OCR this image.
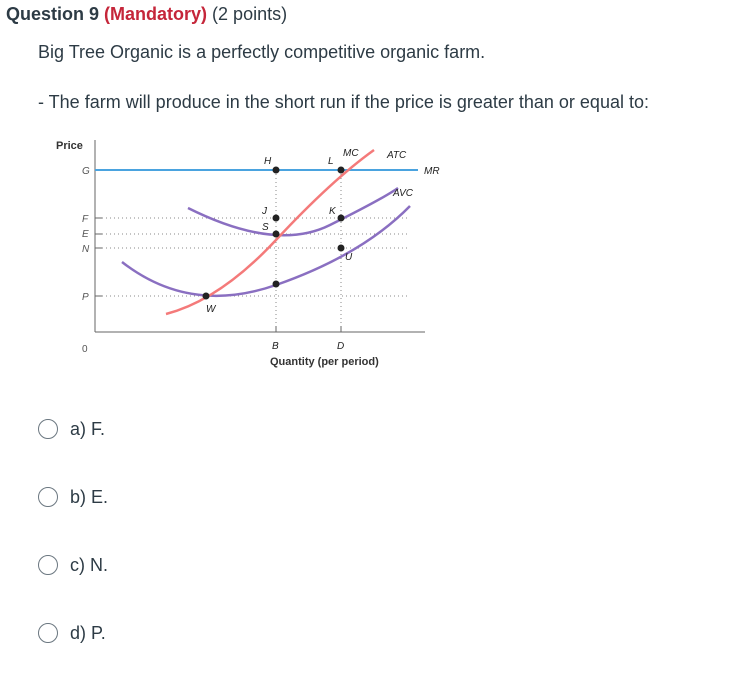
Question 9 (Mandatory) (2 points)
Big Tree Organic is a perfectly competitive organic farm.
- The farm will produce in the short run if the price is greater than or equal to:
Price
G
F
E
N
P
0
H	L
J
S
K
U
W
MC	ATC
AVC
MR
B	D
Quantity (per period)
a) F.
b) E.
c) N.
d) P.
